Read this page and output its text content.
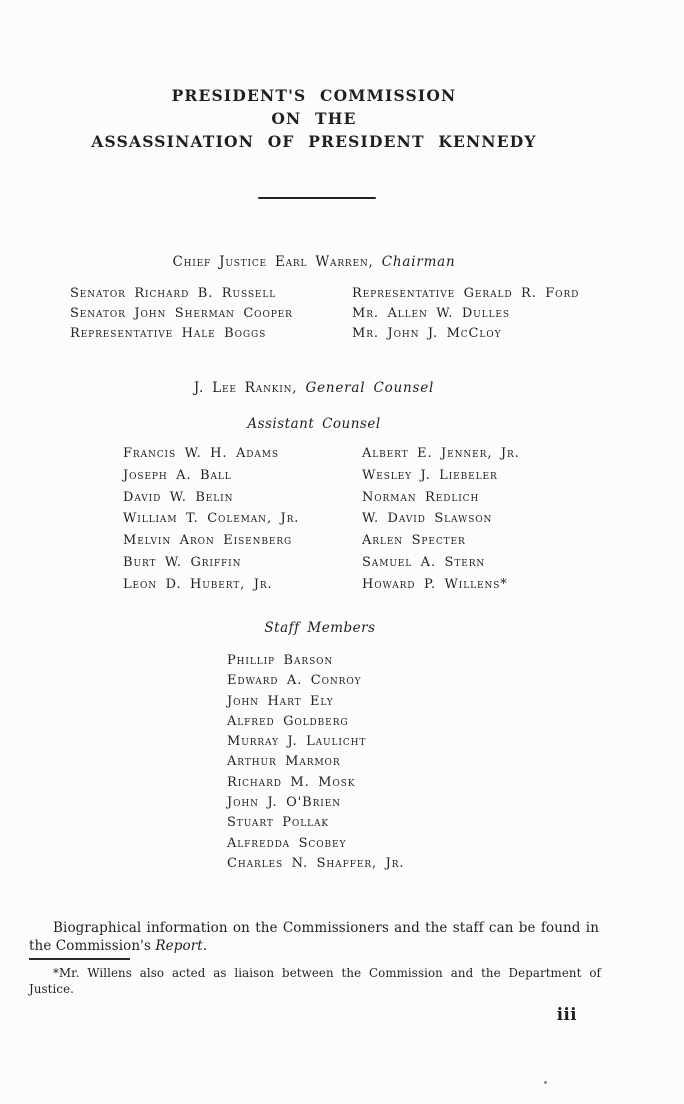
PRESIDENT'S COMMISSION
ON THE
ASSASSINATION OF PRESIDENT KENNEDY
Chief Justice Earl Warren, Chairman
Senator Richard B. Russell
Senator John Sherman Cooper
Representative Hale Boggs
Representative Gerald R. Ford
Mr. Allen W. Dulles
Mr. John J. McCloy
J. Lee Rankin, General Counsel
Assistant Counsel
Francis W. H. Adams
Joseph A. Ball
David W. Belin
William T. Coleman, Jr.
Melvin Aron Eisenberg
Burt W. Griffin
Leon D. Hubert, Jr.
Albert E. Jenner, Jr.
Wesley J. Liebeler
Norman Redlich
W. David Slawson
Arlen Specter
Samuel A. Stern
Howard P. Willens*
Staff Members
Phillip Barson
Edward A. Conroy
John Hart Ely
Alfred Goldberg
Murray J. Laulicht
Arthur Marmor
Richard M. Mosk
John J. O'Brien
Stuart Pollak
Alfredda Scobey
Charles N. Shaffer, Jr.
Biographical information on the Commissioners and the staff can be found in
the Commission's Report.
*Mr. Willens also acted as liaison between the Commission and the Department of
Justice.
iii
